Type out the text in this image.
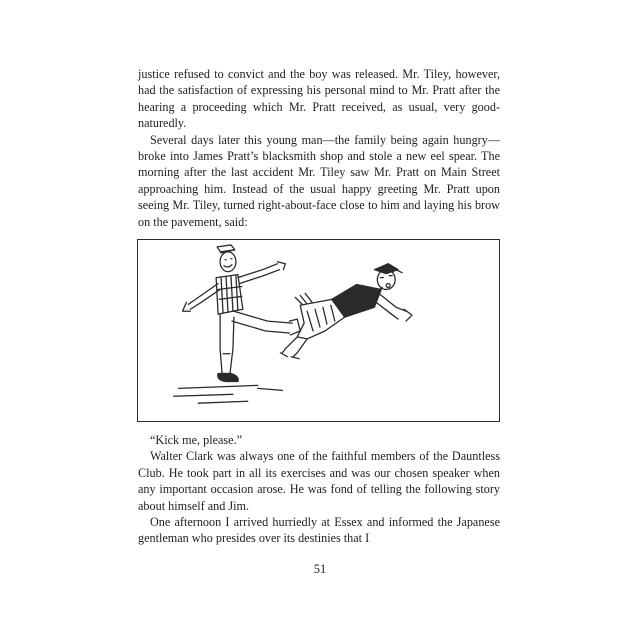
justice refused to convict and the boy was released. Mr. Tiley, however, had the satisfaction of expressing his personal mind to Mr. Pratt after the hearing a proceeding which Mr. Pratt received, as usual, very good-naturedly.

Several days later this young man—the family being again hungry—broke into James Pratt’s blacksmith shop and stole a new eel spear. The morning after the last accident Mr. Tiley saw Mr. Pratt on Main Street approaching him. Instead of the usual happy greeting Mr. Pratt upon seeing Mr. Tiley, turned right-about-face close to him and laying his brow on the pavement, said:

“Kick me, please.”

Walter Clark was always one of the faithful members of the Dauntless Club. He took part in all its exercises and was our chosen speaker when any important occasion arose. He was fond of telling the following story about himself and Jim.

One afternoon I arrived hurriedly at Essex and informed the Japanese gentleman who presides over its destinies that I

51
